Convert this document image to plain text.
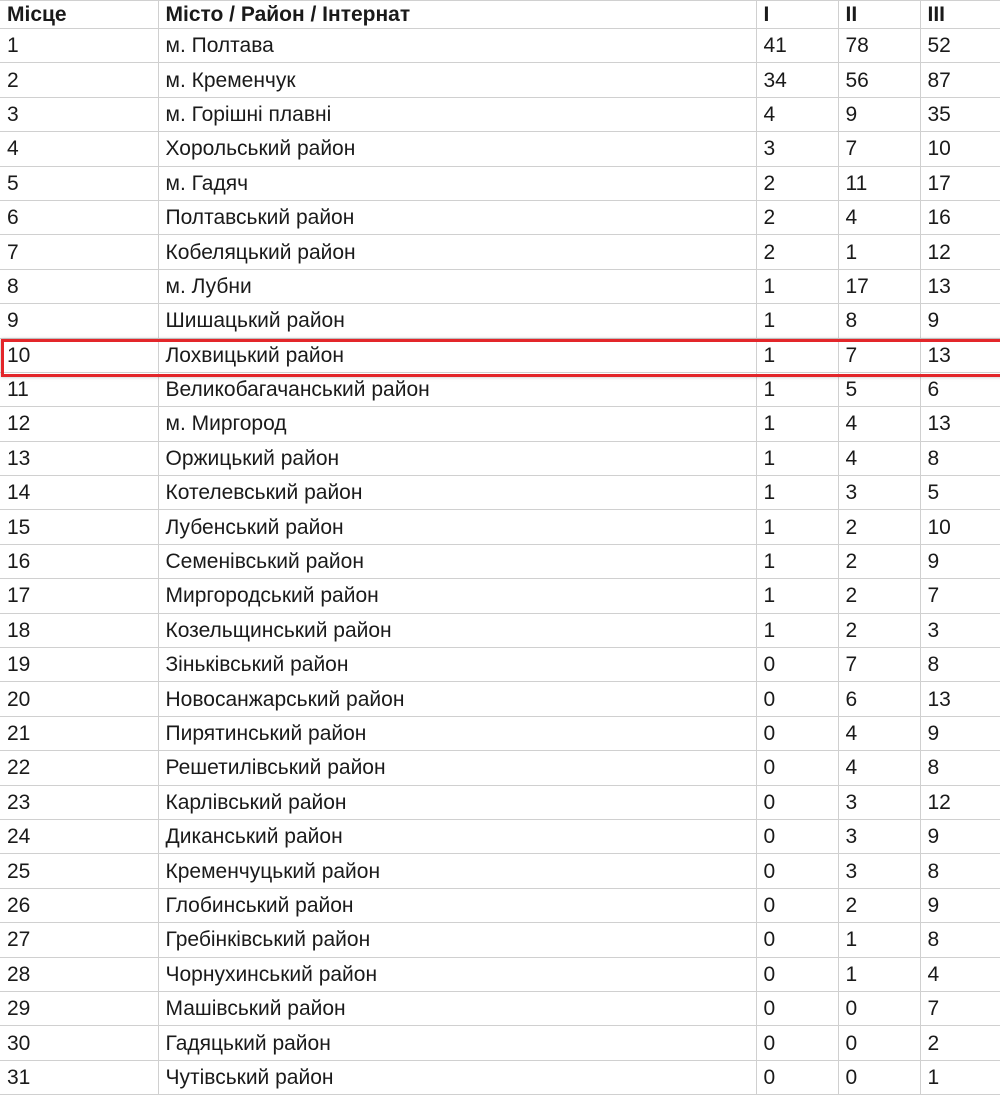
Місце	Місто / Район / Інтернат	I	II	III
1	м. Полтава	41	78	52
2	м. Кременчук	34	56	87
3	м. Горішні плавні	4	9	35
4	Хорольський район	3	7	10
5	м. Гадяч	2	11	17
6	Полтавський район	2	4	16
7	Кобеляцький район	2	1	12
8	м. Лубни	1	17	13
9	Шишацький район	1	8	9
10	Лохвицький район	1	7	13
11	Великобагачанський район	1	5	6
12	м. Миргород	1	4	13
13	Оржицький район	1	4	8
14	Котелевський район	1	3	5
15	Лубенський район	1	2	10
16	Семенівський район	1	2	9
17	Миргородський район	1	2	7
18	Козельщинський район	1	2	3
19	Зіньківський район	0	7	8
20	Новосанжарський район	0	6	13
21	Пирятинський район	0	4	9
22	Решетилівський район	0	4	8
23	Карлівський район	0	3	12
24	Диканський район	0	3	9
25	Кременчуцький район	0	3	8
26	Глобинський район	0	2	9
27	Гребінківський район	0	1	8
28	Чорнухинський район	0	1	4
29	Машівський район	0	0	7
30	Гадяцький район	0	0	2
31	Чутівський район	0	0	1
